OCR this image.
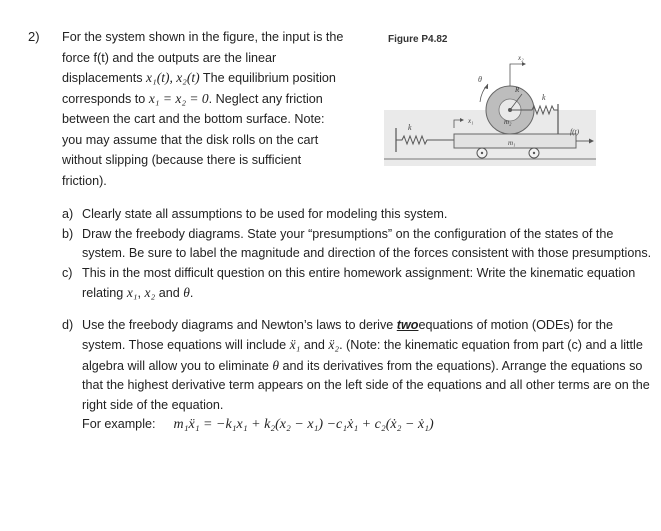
2) For the system shown in the figure, the input is the
force f(t) and the outputs are the linear
displacements x₁(t), x₂(t) The equilibrium position
corresponds to x₁ = x₂ = 0. Neglect any friction
between the cart and the bottom surface. Note:
you may assume that the disk rolls on the cart
without slipping (because there is sufficient
friction).
Figure P4.82
k
m₁
x₁
R
m₂
θ
x₂
k
f(t)
a) Clearly state all assumptions to be used for modeling this system.
b) Draw the freebody diagrams. State your “presumptions” on the configuration of the states of the system. Be sure to label the magnitude and direction of the forces consistent with those presumptions.
c) This in the most difficult question on this entire homework assignment: Write the kinematic equation relating x₁, x₂ and θ.
d) Use the freebody diagrams and Newton’s laws to derive twoequations of motion (ODEs) for the system. Those equations will include ẍ₁ and ẍ₂. (Note: the kinematic equation from part (c) and a little algebra will allow you to eliminate θ and its derivatives from the equations). Arrange the equations so that the highest derivative term appears on the left side of the equations and all other terms are on the right side of the equation.
For example: m₁ẍ₁ = −k₁x₁ + k₂(x₂ − x₁) −c₁ẋ₁ + c₂(ẋ₂ − ẋ₁)
